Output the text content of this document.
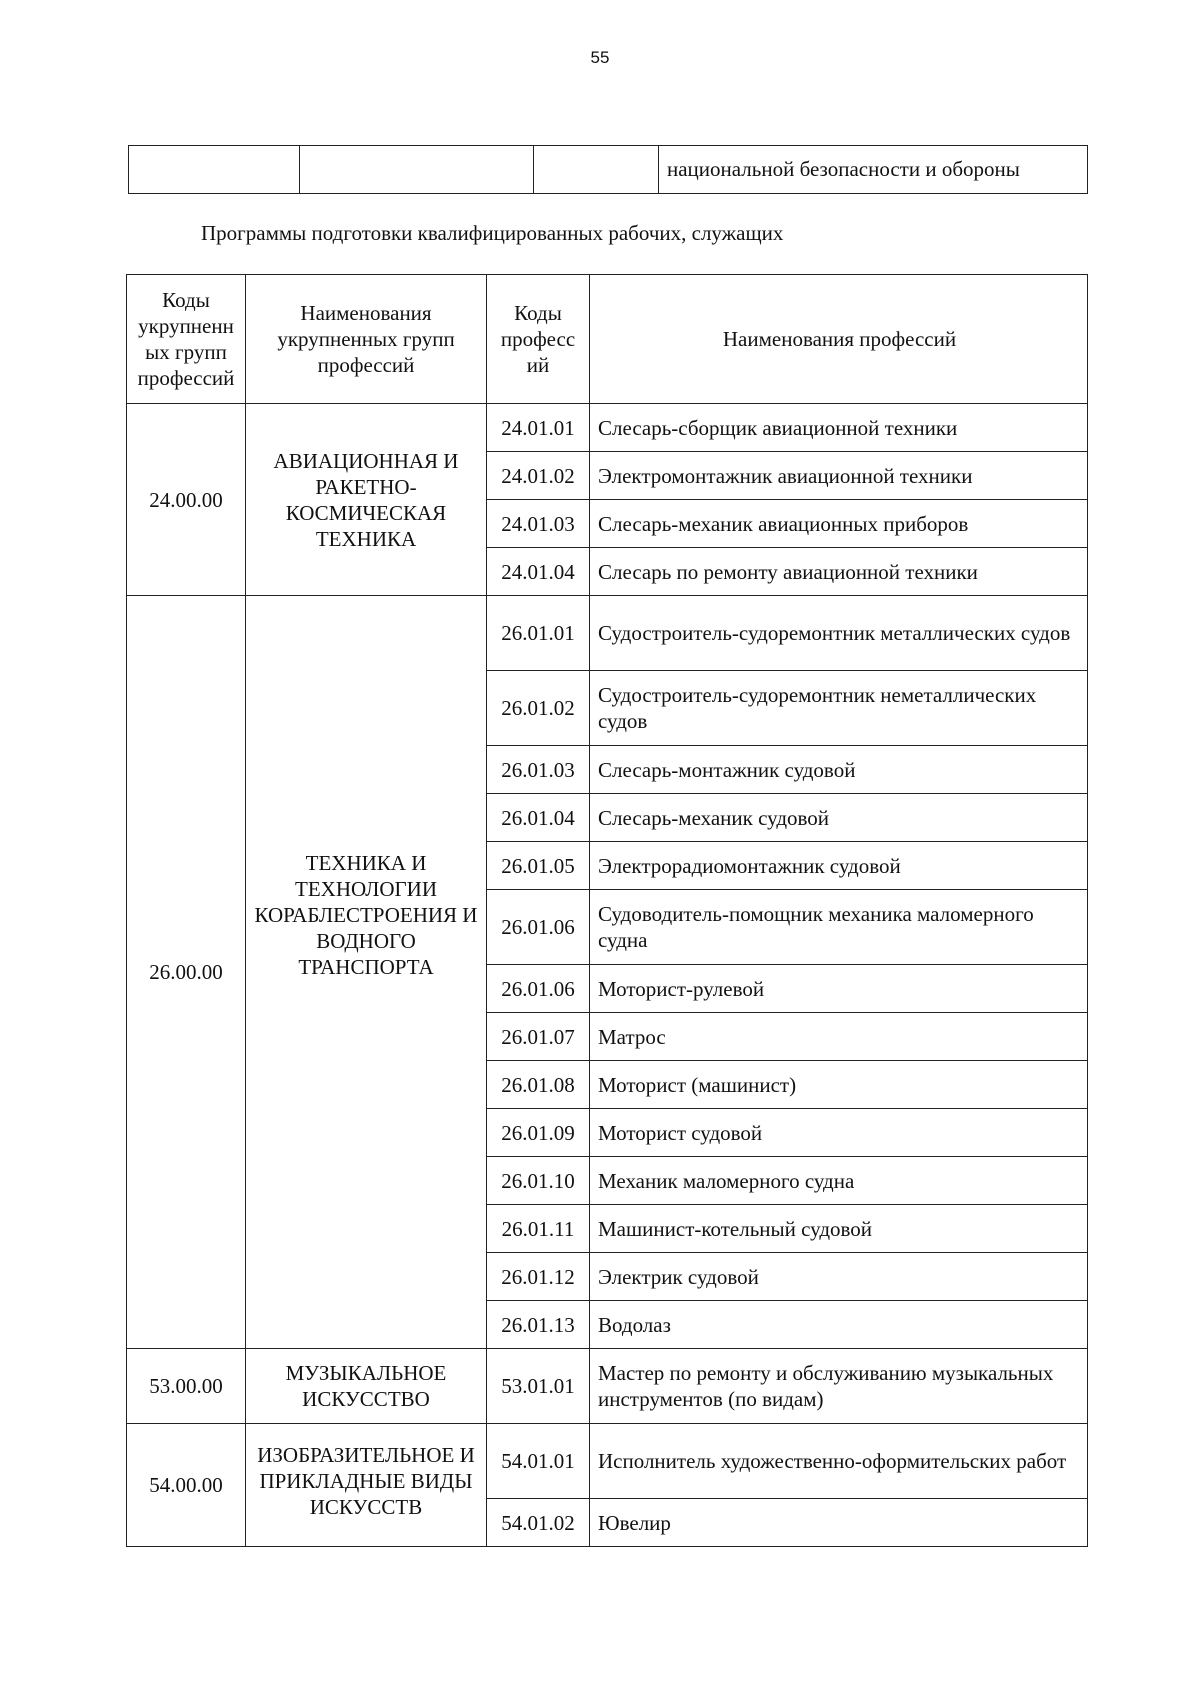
55
			национальной безопасности и обороны
Программы подготовки квалифицированных рабочих, служащих
Коды укрупненн ых групп профессий	Наименования укрупненных групп профессий	Коды професс ий	Наименования профессий
24.00.00	АВИАЦИОННАЯ И РАКЕТНО-КОСМИЧЕСКАЯ ТЕХНИКА	24.01.01	Слесарь-сборщик авиационной техники
		24.01.02	Электромонтажник авиационной техники
		24.01.03	Слесарь-механик авиационных приборов
		24.01.04	Слесарь по ремонту авиационной техники
26.00.00	ТЕХНИКА И ТЕХНОЛОГИИ КОРАБЛЕСТРОЕНИЯ И ВОДНОГО ТРАНСПОРТА	26.01.01	Судостроитель-судоремонтник металлических судов
		26.01.02	Судостроитель-судоремонтник неметаллических судов
		26.01.03	Слесарь-монтажник судовой
		26.01.04	Слесарь-механик судовой
		26.01.05	Электрорадиомонтажник судовой
		26.01.06	Судоводитель-помощник механика маломерного судна
		26.01.06	Моторист-рулевой
		26.01.07	Матрос
		26.01.08	Моторист (машинист)
		26.01.09	Моторист судовой
		26.01.10	Механик маломерного судна
		26.01.11	Машинист-котельный судовой
		26.01.12	Электрик судовой
		26.01.13	Водолаз
53.00.00	МУЗЫКАЛЬНОЕ ИСКУССТВО	53.01.01	Мастер по ремонту и обслуживанию музыкальных инструментов (по видам)
54.00.00	ИЗОБРАЗИТЕЛЬНОЕ И ПРИКЛАДНЫЕ ВИДЫ ИСКУССТВ	54.01.01	Исполнитель художественно-оформительских работ
		54.01.02	Ювелир
